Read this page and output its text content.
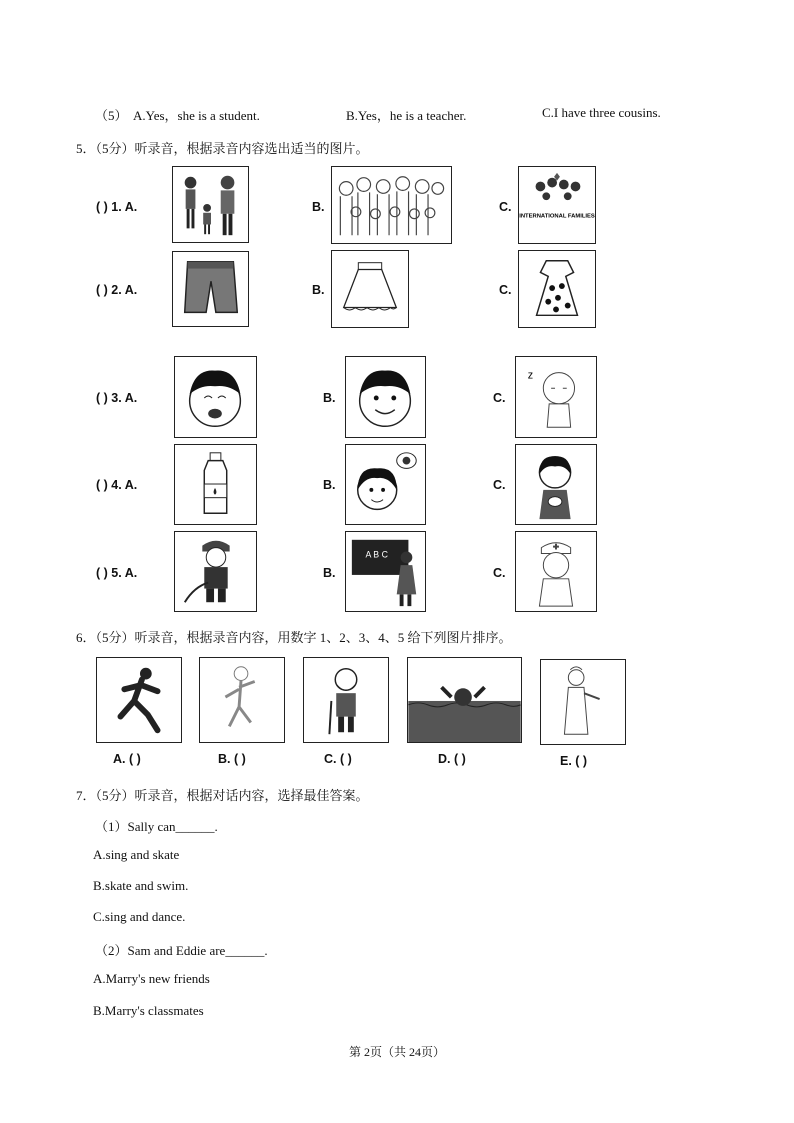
（5） A.Yes，she is a student.	B.Yes，he is a teacher.	C.I have three cousins.
5．（5分）听录音，根据录音内容选出适当的图片。
( ) 1. A.	B.	C.
INTERNATIONAL FAMILIES
( ) 2. A.	B.	C.
( ) 3. A.	B.	C.
z
( ) 4. A.	B.	C.
( ) 5. A.	B.
A B C
C.
6．（5分）听录音，根据录音内容，用数字 1、2、3、4、5 给下列图片排序。
A. ( )	B. ( )	C. ( )	D. ( )	E. ( )
7．（5分）听录音，根据对话内容，选择最佳答案。
（1）Sally can______.
A.sing and skate
B.skate and swim.
C.sing and dance.
（2）Sam and Eddie are______.
A.Marry's new friends
B.Marry's classmates
第 2页（共 24页）
